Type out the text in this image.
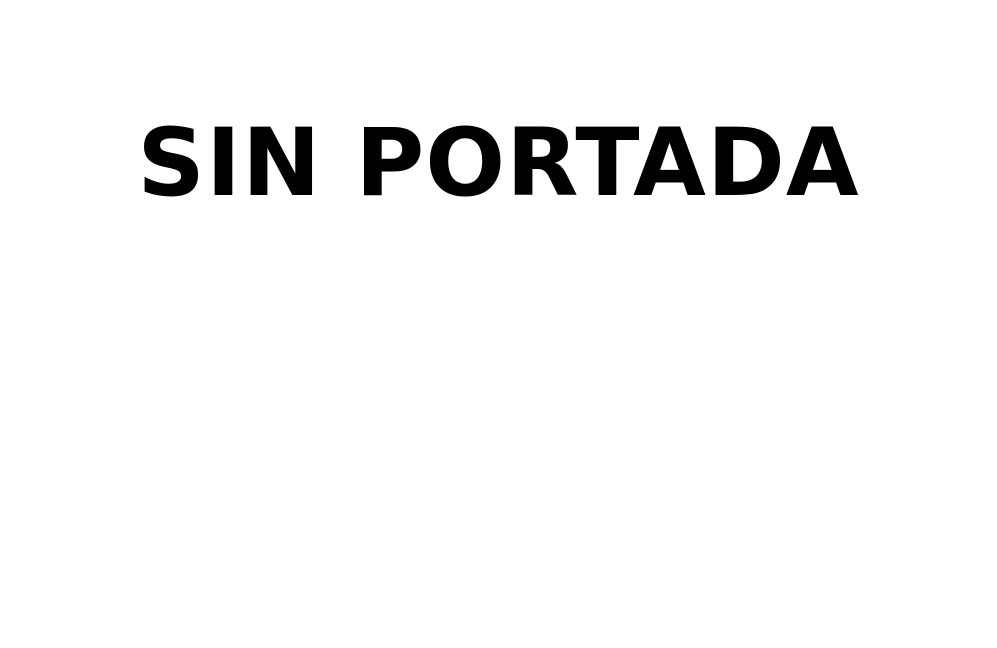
SIN PORTADA
